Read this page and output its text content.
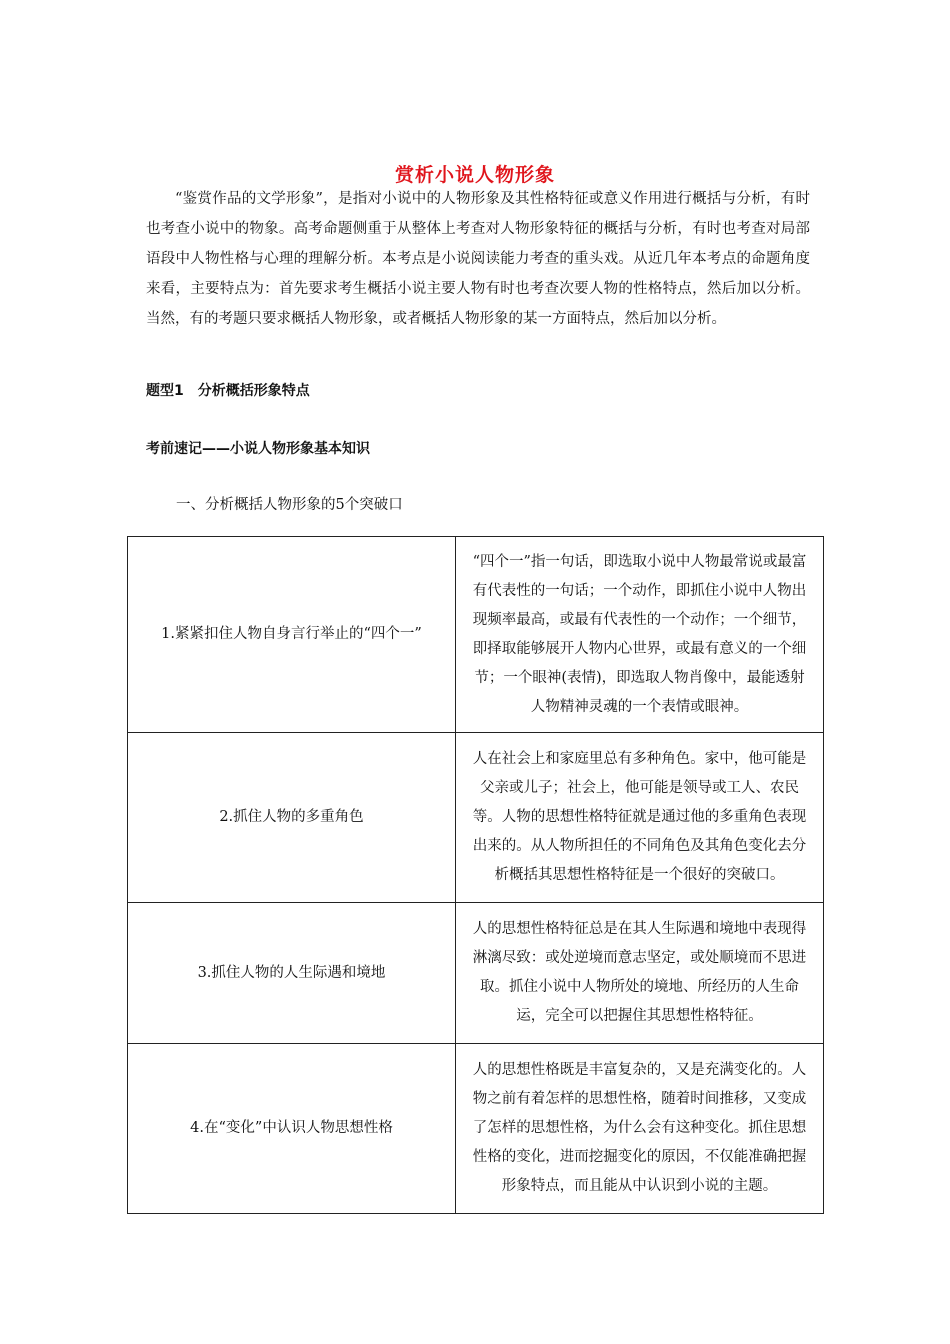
赏析小说人物形象
“鉴赏作品的文学形象”，是指对小说中的人物形象及其性格特征或意义作用进行概括与分析，有时也考查小说中的物象。高考命题侧重于从整体上考查对人物形象特征的概括与分析，有时也考查对局部语段中人物性格与心理的理解分析。本考点是小说阅读能力考查的重头戏。从近几年本考点的命题角度来看，主要特点为：首先要求考生概括小说主要人物有时也考查次要人物的性格特点，然后加以分析。当然，有的考题只要求概括人物形象，或者概括人物形象的某一方面特点，然后加以分析。
题型1　分析概括形象特点
考前速记——小说人物形象基本知识
一、分析概括人物形象的5个突破口
1.紧紧扣住人物自身言行举止的“四个一”	“四个一”指一句话，即选取小说中人物最常说或最富有代表性的一句话；一个动作，即抓住小说中人物出现频率最高，或最有代表性的一个动作；一个细节，即择取能够展开人物内心世界，或最有意义的一个细节；一个眼神(表情)，即选取人物肖像中，最能透射人物精神灵魂的一个表情或眼神。
2.抓住人物的多重角色	人在社会上和家庭里总有多种角色。家中，他可能是父亲或儿子；社会上，他可能是领导或工人、农民等。人物的思想性格特征就是通过他的多重角色表现出来的。从人物所担任的不同角色及其角色变化去分析概括其思想性格特征是一个很好的突破口。
3.抓住人物的人生际遇和境地	人的思想性格特征总是在其人生际遇和境地中表现得淋漓尽致：或处逆境而意志坚定，或处顺境而不思进取。抓住小说中人物所处的境地、所经历的人生命运，完全可以把握住其思想性格特征。
4.在“变化”中认识人物思想性格	人的思想性格既是丰富复杂的，又是充满变化的。人物之前有着怎样的思想性格，随着时间推移，又变成了怎样的思想性格，为什么会有这种变化。抓住思想性格的变化，进而挖掘变化的原因，不仅能准确把握形象特点，而且能从中认识到小说的主题。
